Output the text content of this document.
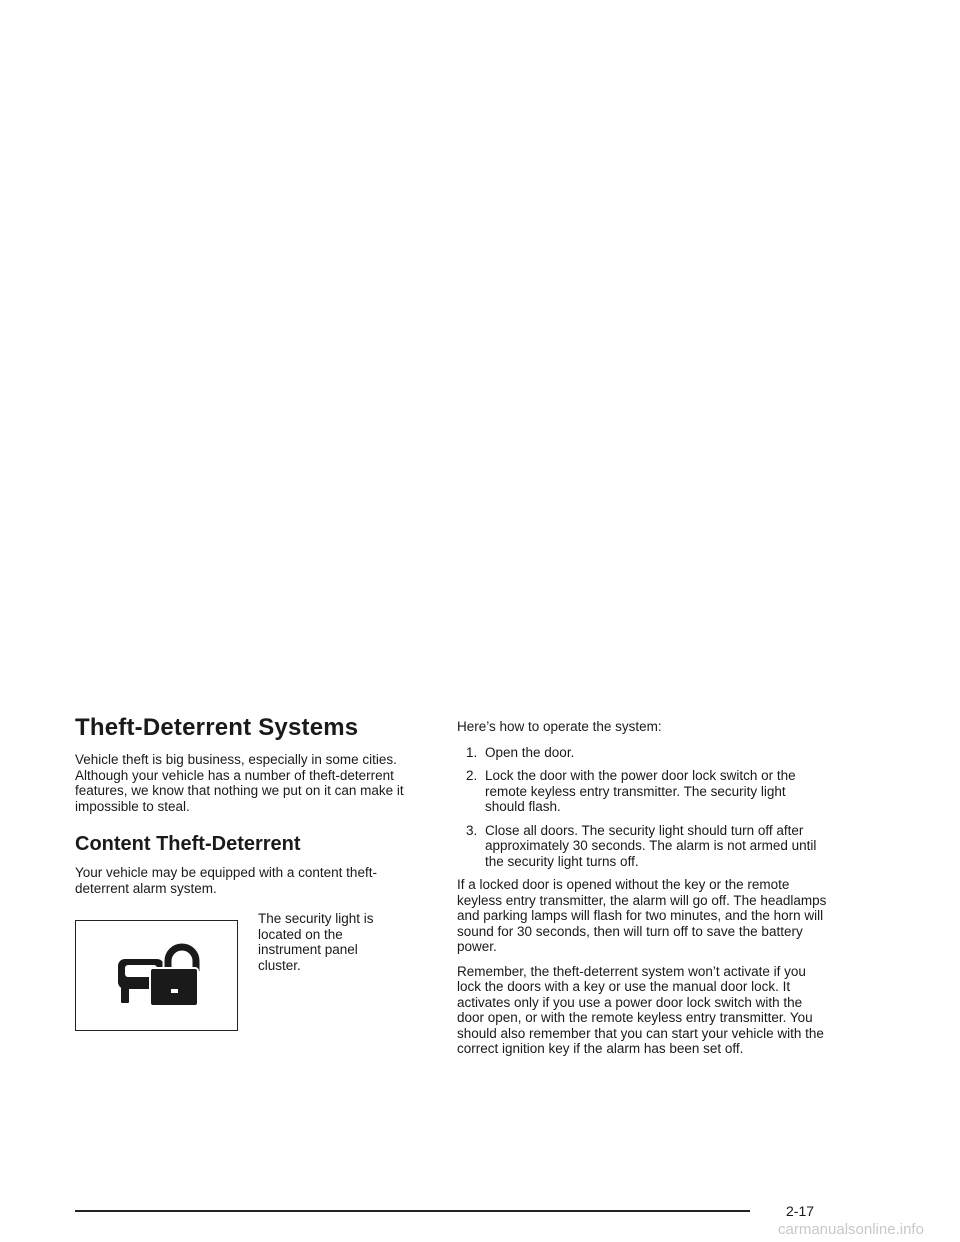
Theft-Deterrent Systems

Vehicle theft is big business, especially in some cities. Although your vehicle has a number of theft-deterrent features, we know that nothing we put on it can make it impossible to steal.

Content Theft-Deterrent

Your vehicle may be equipped with a content theft-deterrent alarm system.

The security light is located on the instrument panel cluster.

Here’s how to operate the system:

1. Open the door.
2. Lock the door with the power door lock switch or the remote keyless entry transmitter. The security light should flash.
3. Close all doors. The security light should turn off after approximately 30 seconds. The alarm is not armed until the security light turns off.

If a locked door is opened without the key or the remote keyless entry transmitter, the alarm will go off. The headlamps and parking lamps will flash for two minutes, and the horn will sound for 30 seconds, then will turn off to save the battery power.

Remember, the theft-deterrent system won’t activate if you lock the doors with a key or use the manual door lock. It activates only if you use a power door lock switch with the door open, or with the remote keyless entry transmitter. You should also remember that you can start your vehicle with the correct ignition key if the alarm has been set off.

2-17
carmanualsonline.info
